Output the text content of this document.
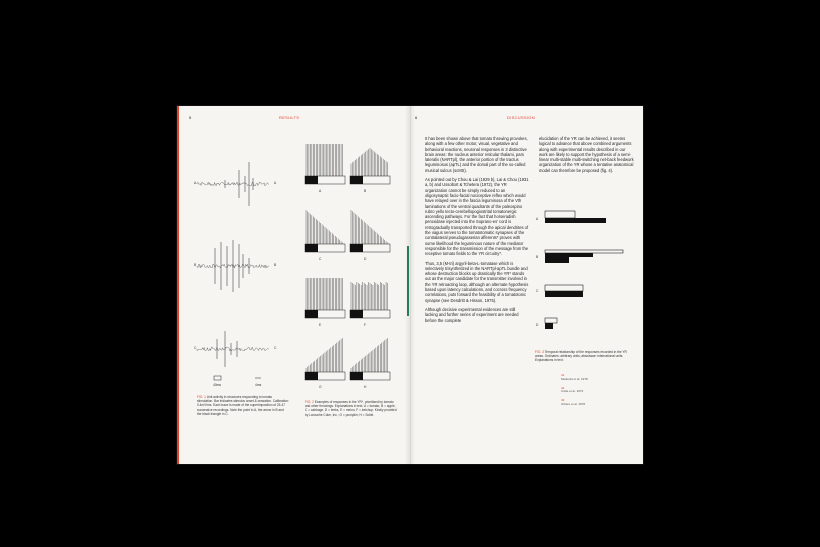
5	RESULTS
A	A
B	B
C	C
40ms	4ms
FIG. 1 Unit activity in structures responding to tomato stimulation. Bar indicates stimulus onset & cessation. Calibration: 0.4mV/ms. Each trace is made of the superimposition of 25-47 successive recordings. Note the point in A, the arrow in B and the black triangle in C.
A	B
C	D
E	F
G	H
FIG. 2 Examples of responses in the YR*, prioritised by tomato and other throwings. Explanations in text. A = tomato, B = apple, C = cabbage, D = leeks, E = melon, F = ketchup. Kindly provided by Larouche Coke, Inc.; G = pumpkin; H = Soliel.
6	DISCUSSION

It has been shown above that tomato throwing provokes, along with a few other motor, visual, vegetative and behavioral reactions, neuronal responses in 3 distinctive brain areas: the nucleus anterior reticular thalami, pars lateralis (NARTpl), the anterior portion of the tractus leguminosus (apTL) and the dorsal part of the so-called musical sulcus (scMS).

As pointed out by Chou & Lai (1929 b), Lai & Chou (1931 a, b) and Ussoltort & Tcheterа (1972), the YR organization cannot be simply reduced to an oligosynaptic facio-facial nociceptive reflex which would have relayed over in the fascia leguminosa of the Vth laminations of the ventral quadrants of the paleospino rubro yello tecto-cerebellopogiostrital tomatonergic ascending pathways. For the fact that horseradish peroxidase injected into the Soprano-es' cord is retrogradually transported through the apical dendrites of the vagus nerves to the tomatotomatic synapses of the contralateral pseudogasserian afferents* proves with some likelihood the leguminous nature of the mediator responsible for the transmission of the message from the receptive tomato fields to the YR circuitry*.

Thus, 3,5 (M-tri) argyril-beta-L-tomatase which is selectively trisynthetized in the NARTpl-apTL bundle and whose destruction blocks up drastically the YR* stands out as the major candidate for the transmitter involved in the YR retroacting loop, although an alternate hypothesis based upon latency calculations, and cocross frequency correlations, puts forward the feasibility of a tomatotonic synapse (see Dendritt & Hisson, 1975).

Although decisive experimental evidences are still lacking and further series of experiment are needed before the complete

elucidation of the YR can be achieved, it seems logical to advance that above combined arguments along with experimental results described in our work are likely to support the hypothesis of a semi-linear multi-stable multi-switching net-back feedwork organization of the YR whose a tentative anatomical model can therefore be proposed (fig. 4).

A
B
C
D
FIG. 3 Temporal relationship of the responses recorded in the YR areas. Ordinates: arbitrary units; abscissae: international units. Explanations in text.
41
Mulkovitt et al. 1978
42
Cicile et al. 1973
43
Orfiere et al. 1978
